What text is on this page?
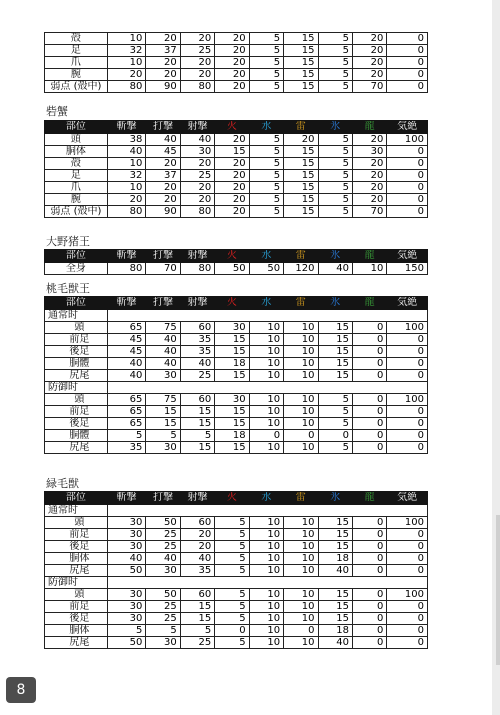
殻	10	20	20	20	5	15	5	20	0
足	32	37	25	20	5	15	5	20	0
爪	10	20	20	20	5	15	5	20	0
腕	20	20	20	20	5	15	5	20	0
弱点 (殻中)	80	90	80	20	5	15	5	70	0
砦蟹
部位	斬撃	打撃	射撃	火	水	雷	氷	龍	気絶
頭	38	40	40	20	5	20	5	20	100
胴体	40	45	30	15	5	15	5	30	0
殻	10	20	20	20	5	15	5	20	0
足	32	37	25	20	5	15	5	20	0
爪	10	20	20	20	5	15	5	20	0
腕	20	20	20	20	5	15	5	20	0
弱点 (殻中)	80	90	80	20	5	15	5	70	0
大野猪王
部位	斬撃	打撃	射撃	火	水	雷	氷	龍	気絶
全身	80	70	80	50	50	120	40	10	150
桃毛獣王
部位	斬撃	打撃	射撃	火	水	雷	氷	龍	気絶
通常时									
頭	65	75	60	30	10	10	15	0	100
前足	45	40	35	15	10	10	15	0	0
後足	45	40	35	15	10	10	15	0	0
胴體	40	40	40	18	10	10	15	0	0
尻尾	40	30	25	15	10	10	15	0	0
防御时									
頭	65	75	60	30	10	10	5	0	100
前足	65	15	15	15	10	10	5	0	0
後足	65	15	15	15	10	10	5	0	0
胴體	5	5	5	18	0	0	0	0	0
尻尾	35	30	15	15	10	10	5	0	0
緑毛獣
部位	斬撃	打撃	射撃	火	水	雷	氷	龍	気絶
通常时									
頭	30	50	60	5	10	10	15	0	100
前足	30	25	20	5	10	10	15	0	0
後足	30	25	20	5	10	10	15	0	0
胴体	40	40	40	5	10	10	18	0	0
尻尾	50	30	35	5	10	10	40	0	0
防御时									
頭	30	50	60	5	10	10	15	0	100
前足	30	25	15	5	10	10	15	0	0
後足	30	25	15	5	10	10	15	0	0
胴体	5	5	5	0	10	0	18	0	0
尻尾	50	30	25	5	10	10	40	0	0
8
